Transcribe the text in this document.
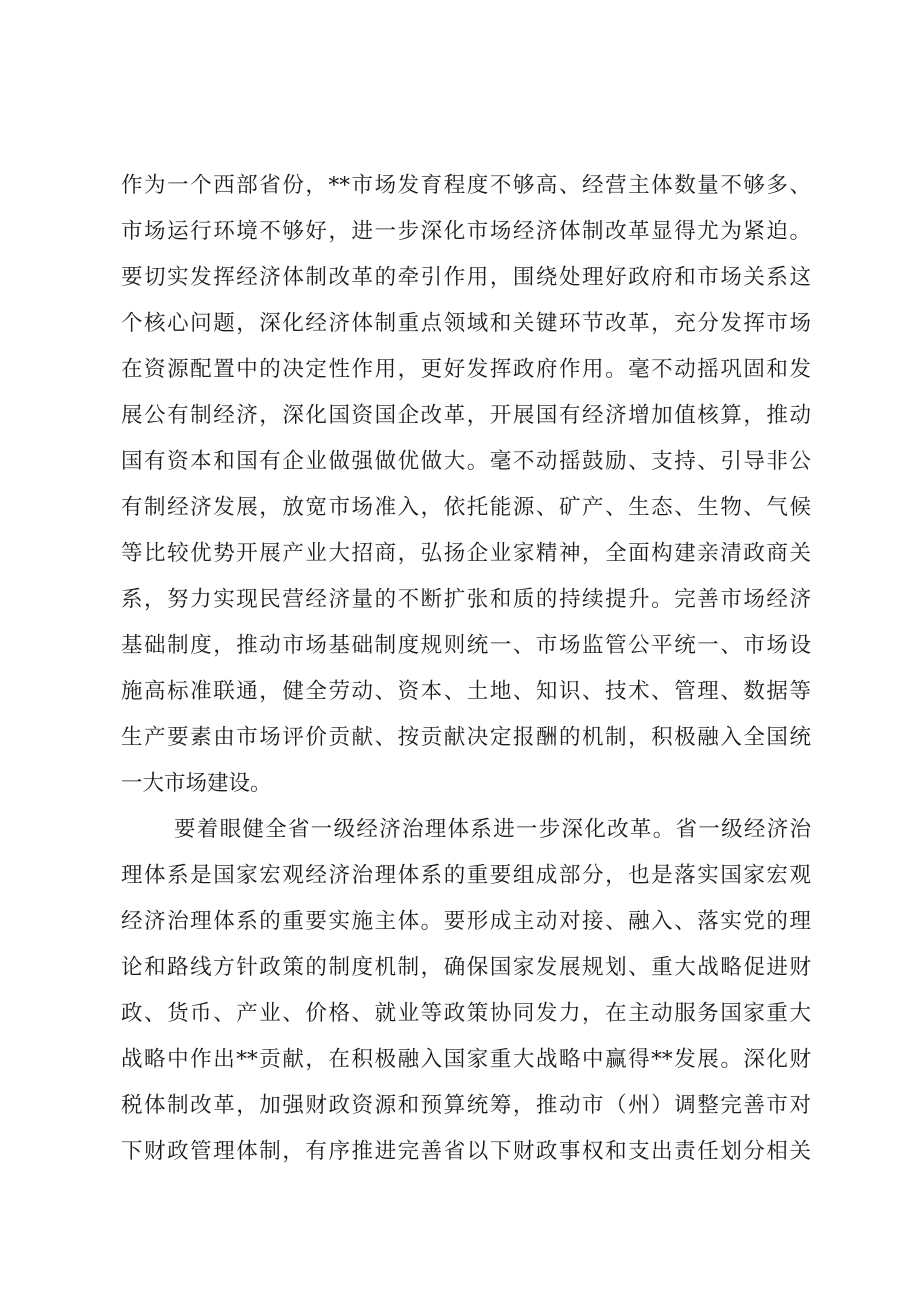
作为一个西部省份，**市场发育程度不够高、经营主体数量不够多、
市场运行环境不够好，进一步深化市场经济体制改革显得尤为紧迫。
要切实发挥经济体制改革的牵引作用，围绕处理好政府和市场关系这
个核心问题，深化经济体制重点领域和关键环节改革，充分发挥市场
在资源配置中的决定性作用，更好发挥政府作用。毫不动摇巩固和发
展公有制经济，深化国资国企改革，开展国有经济增加值核算，推动
国有资本和国有企业做强做优做大。毫不动摇鼓励、支持、引导非公
有制经济发展，放宽市场准入，依托能源、矿产、生态、生物、气候
等比较优势开展产业大招商，弘扬企业家精神，全面构建亲清政商关
系，努力实现民营经济量的不断扩张和质的持续提升。完善市场经济
基础制度，推动市场基础制度规则统一、市场监管公平统一、市场设
施高标准联通，健全劳动、资本、土地、知识、技术、管理、数据等
生产要素由市场评价贡献、按贡献决定报酬的机制，积极融入全国统
一大市场建设。
要着眼健全省一级经济治理体系进一步深化改革。省一级经济治
理体系是国家宏观经济治理体系的重要组成部分，也是落实国家宏观
经济治理体系的重要实施主体。要形成主动对接、融入、落实党的理
论和路线方针政策的制度机制，确保国家发展规划、重大战略促进财
政、货币、产业、价格、就业等政策协同发力，在主动服务国家重大
战略中作出**贡献，在积极融入国家重大战略中赢得**发展。深化财
税体制改革，加强财政资源和预算统筹，推动市（州）调整完善市对
下财政管理体制，有序推进完善省以下财政事权和支出责任划分相关
